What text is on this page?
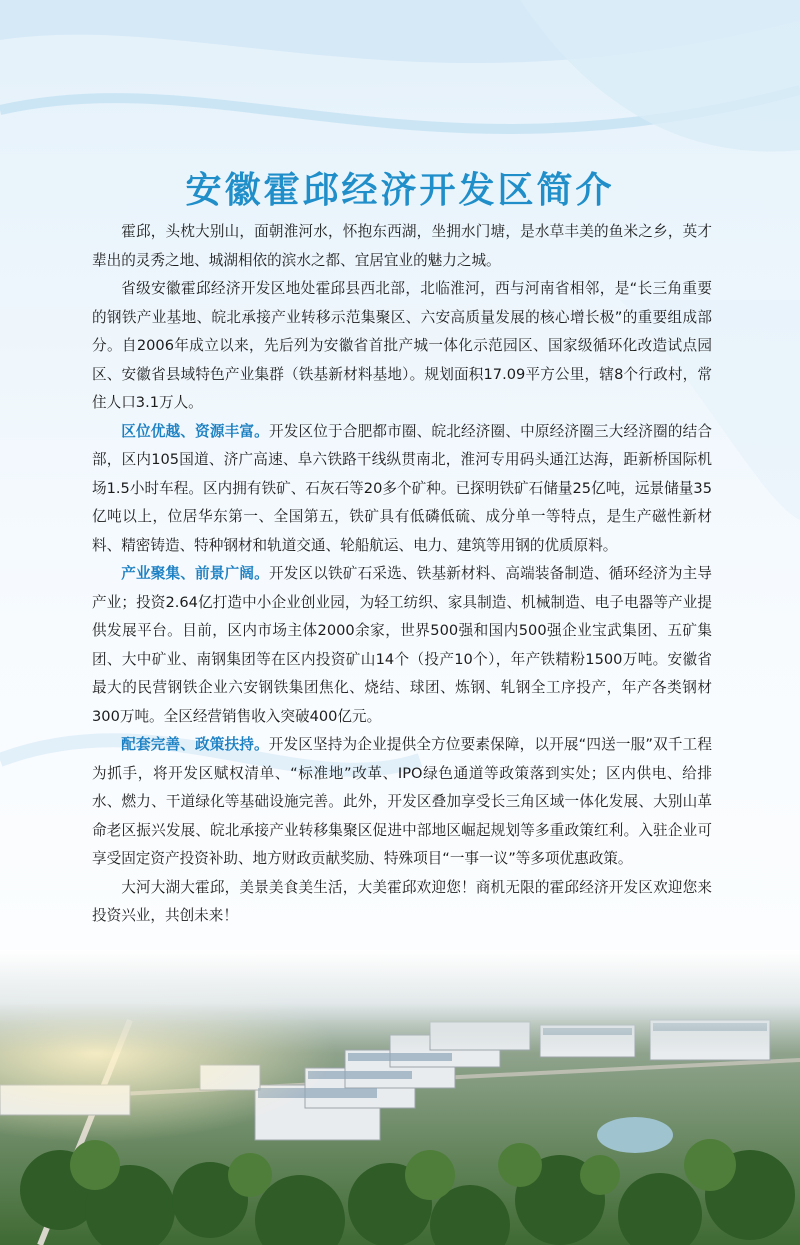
安徽霍邱经济开发区简介

霍邱，头枕大别山，面朝淮河水，怀抱东西湖，坐拥水门塘，是水草丰美的鱼米之乡，英才辈出的灵秀之地、城湖相依的滨水之都、宜居宜业的魅力之城。

省级安徽霍邱经济开发区地处霍邱县西北部，北临淮河，西与河南省相邻，是“长三角重要的钢铁产业基地、皖北承接产业转移示范集聚区、六安高质量发展的核心增长极”的重要组成部分。自2006年成立以来，先后列为安徽省首批产城一体化示范园区、国家级循环化改造试点园区、安徽省县域特色产业集群（铁基新材料基地）。规划面积17.09平方公里，辖8个行政村，常住人口3.1万人。

区位优越、资源丰富。开发区位于合肥都市圈、皖北经济圈、中原经济圈三大经济圈的结合部，区内105国道、济广高速、阜六铁路干线纵贯南北，淮河专用码头通江达海，距新桥国际机场1.5小时车程。区内拥有铁矿、石灰石等20多个矿种。已探明铁矿石储量25亿吨，远景储量35亿吨以上，位居华东第一、全国第五，铁矿具有低磷低硫、成分单一等特点，是生产磁性新材料、精密铸造、特种钢材和轨道交通、轮船航运、电力、建筑等用钢的优质原料。

产业聚集、前景广阔。开发区以铁矿石采选、铁基新材料、高端装备制造、循环经济为主导产业；投资2.64亿打造中小企业创业园，为轻工纺织、家具制造、机械制造、电子电器等产业提供发展平台。目前，区内市场主体2000余家，世界500强和国内500强企业宝武集团、五矿集团、大中矿业、南钢集团等在区内投资矿山14个（投产10个），年产铁精粉1500万吨。安徽省最大的民营钢铁企业六安钢铁集团焦化、烧结、球团、炼钢、轧钢全工序投产，年产各类钢材300万吨。全区经营销售收入突破400亿元。

配套完善、政策扶持。开发区坚持为企业提供全方位要素保障，以开展“四送一服”双千工程为抓手，将开发区赋权清单、“标准地”改革、IPO绿色通道等政策落到实处；区内供电、给排水、燃力、干道绿化等基础设施完善。此外，开发区叠加享受长三角区域一体化发展、大别山革命老区振兴发展、皖北承接产业转移集聚区促进中部地区崛起规划等多重政策红利。入驻企业可享受固定资产投资补助、地方财政贡献奖励、特殊项目“一事一议”等多项优惠政策。

大河大湖大霍邱，美景美食美生活，大美霍邱欢迎您！商机无限的霍邱经济开发区欢迎您来投资兴业，共创未来！
